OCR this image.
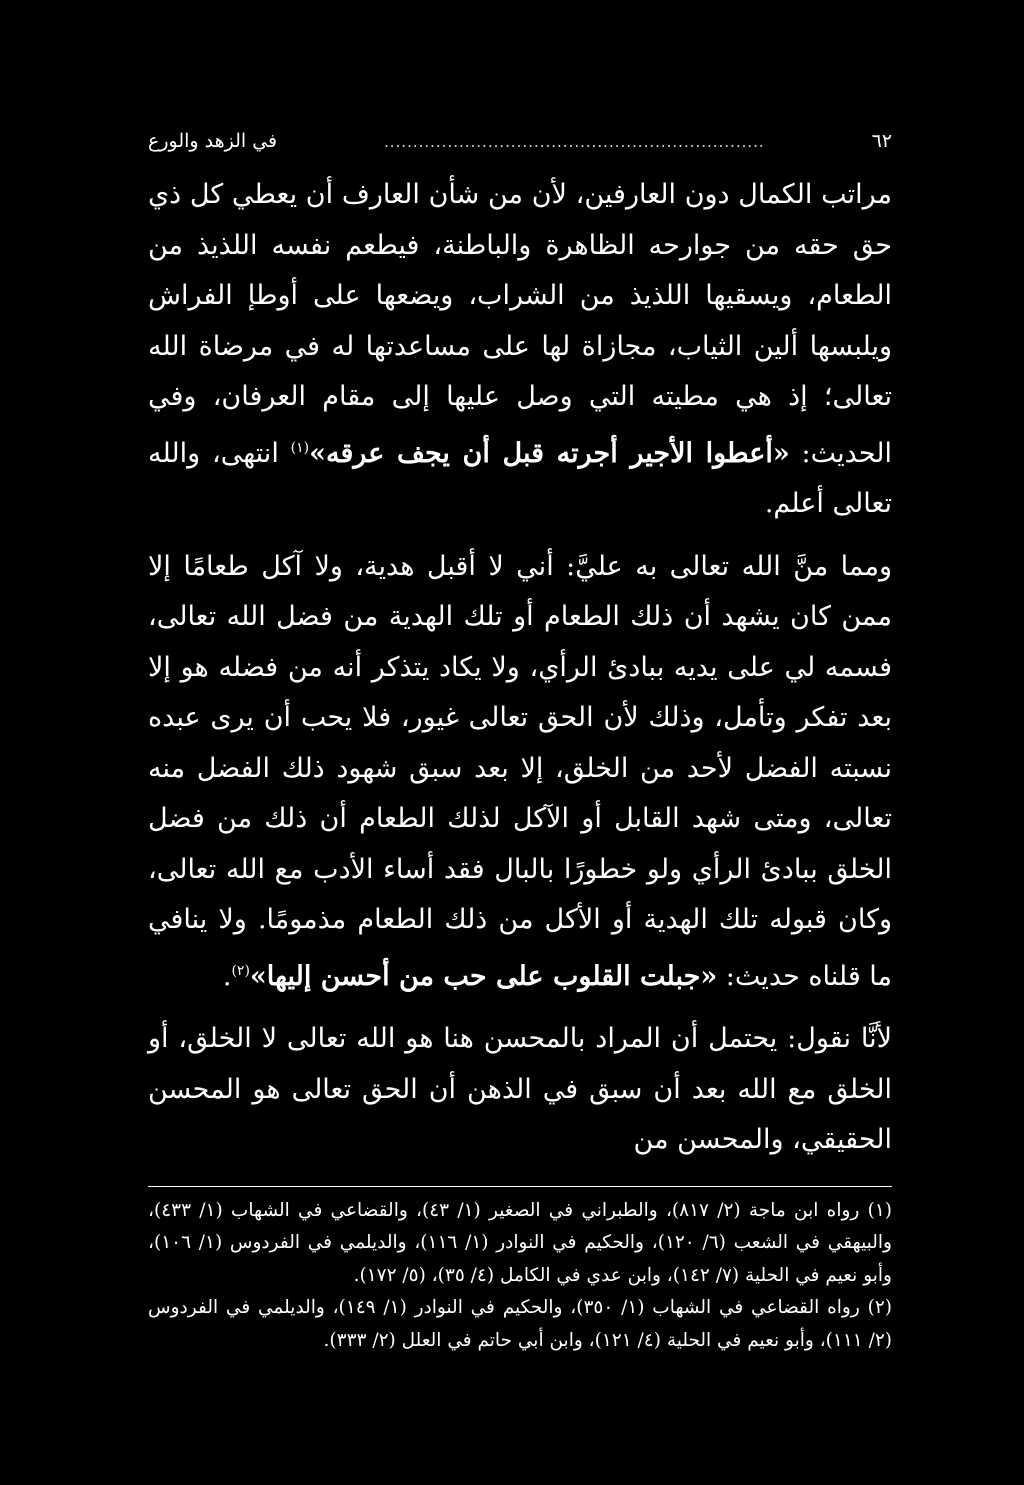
٦٢
..................................................................
في الزهد والورع

مراتب الكمال دون العارفين، لأن من شأن العارف أن يعطي كل ذي حق حقه من جوارحه الظاهرة والباطنة، فيطعم نفسه اللذيذ من الطعام، ويسقيها اللذيذ من الشراب، ويضعها على أوطإ الفراش ويلبسها ألين الثياب، مجازاة لها على مساعدتها له في مرضاة الله تعالى؛ إذ هي مطيته التي وصل عليها إلى مقام العرفان، وفي الحديث: «أعطوا الأجير أجرته قبل أن يجف عرقه»$^{(١)}$ انتهى، والله تعالى أعلم.

ومما منَّ الله تعالى به عليَّ: أني لا أقبل هدية، ولا آكل طعامًا إلا ممن كان يشهد أن ذلك الطعام أو تلك الهدية من فضل الله تعالى، فسمه لي على يديه ببادئ الرأي، ولا يكاد يتذكر أنه من فضله هو إلا بعد تفكر وتأمل، وذلك لأن الحق تعالى غيور، فلا يحب أن يرى عبده نسبته الفضل لأحد من الخلق، إلا بعد سبق شهود ذلك الفضل منه تعالى، ومتى شهد القابل أو الآكل لذلك الطعام أن ذلك من فضل الخلق ببادئ الرأي ولو خطورًا بالبال فقد أساء الأدب مع الله تعالى، وكان قبوله تلك الهدية أو الأكل من ذلك الطعام مذمومًا. ولا ينافي ما قلناه حديث: «جبلت القلوب على حب من أحسن إليها»$^{(٢)}$.

لأنَّا نقول: يحتمل أن المراد بالمحسن هنا هو الله تعالى لا الخلق، أو الخلق مع الله بعد أن سبق في الذهن أن الحق تعالى هو المحسن الحقيقي، والمحسن من

(١) رواه ابن ماجة (٢/ ٨١٧)، والطبراني في الصغير (١/ ٤٣)، والقضاعي في الشهاب (١/ ٤٣٣)، والبيهقي في الشعب (٦/ ١٢٠)، والحكيم في النوادر (١/ ١١٦)، والديلمي في الفردوس (١/ ١٠٦)، وأبو نعيم في الحلية (٧/ ١٤٢)، وابن عدي في الكامل (٤/ ٣٥)، (٥/ ١٧٢).

(٢) رواه القضاعي في الشهاب (١/ ٣٥٠)، والحكيم في النوادر (١/ ١٤٩)، والديلمي في الفردوس (٢/ ١١١)، وأبو نعيم في الحلية (٤/ ١٢١)، وابن أبي حاتم في العلل (٢/ ٣٣٣).
